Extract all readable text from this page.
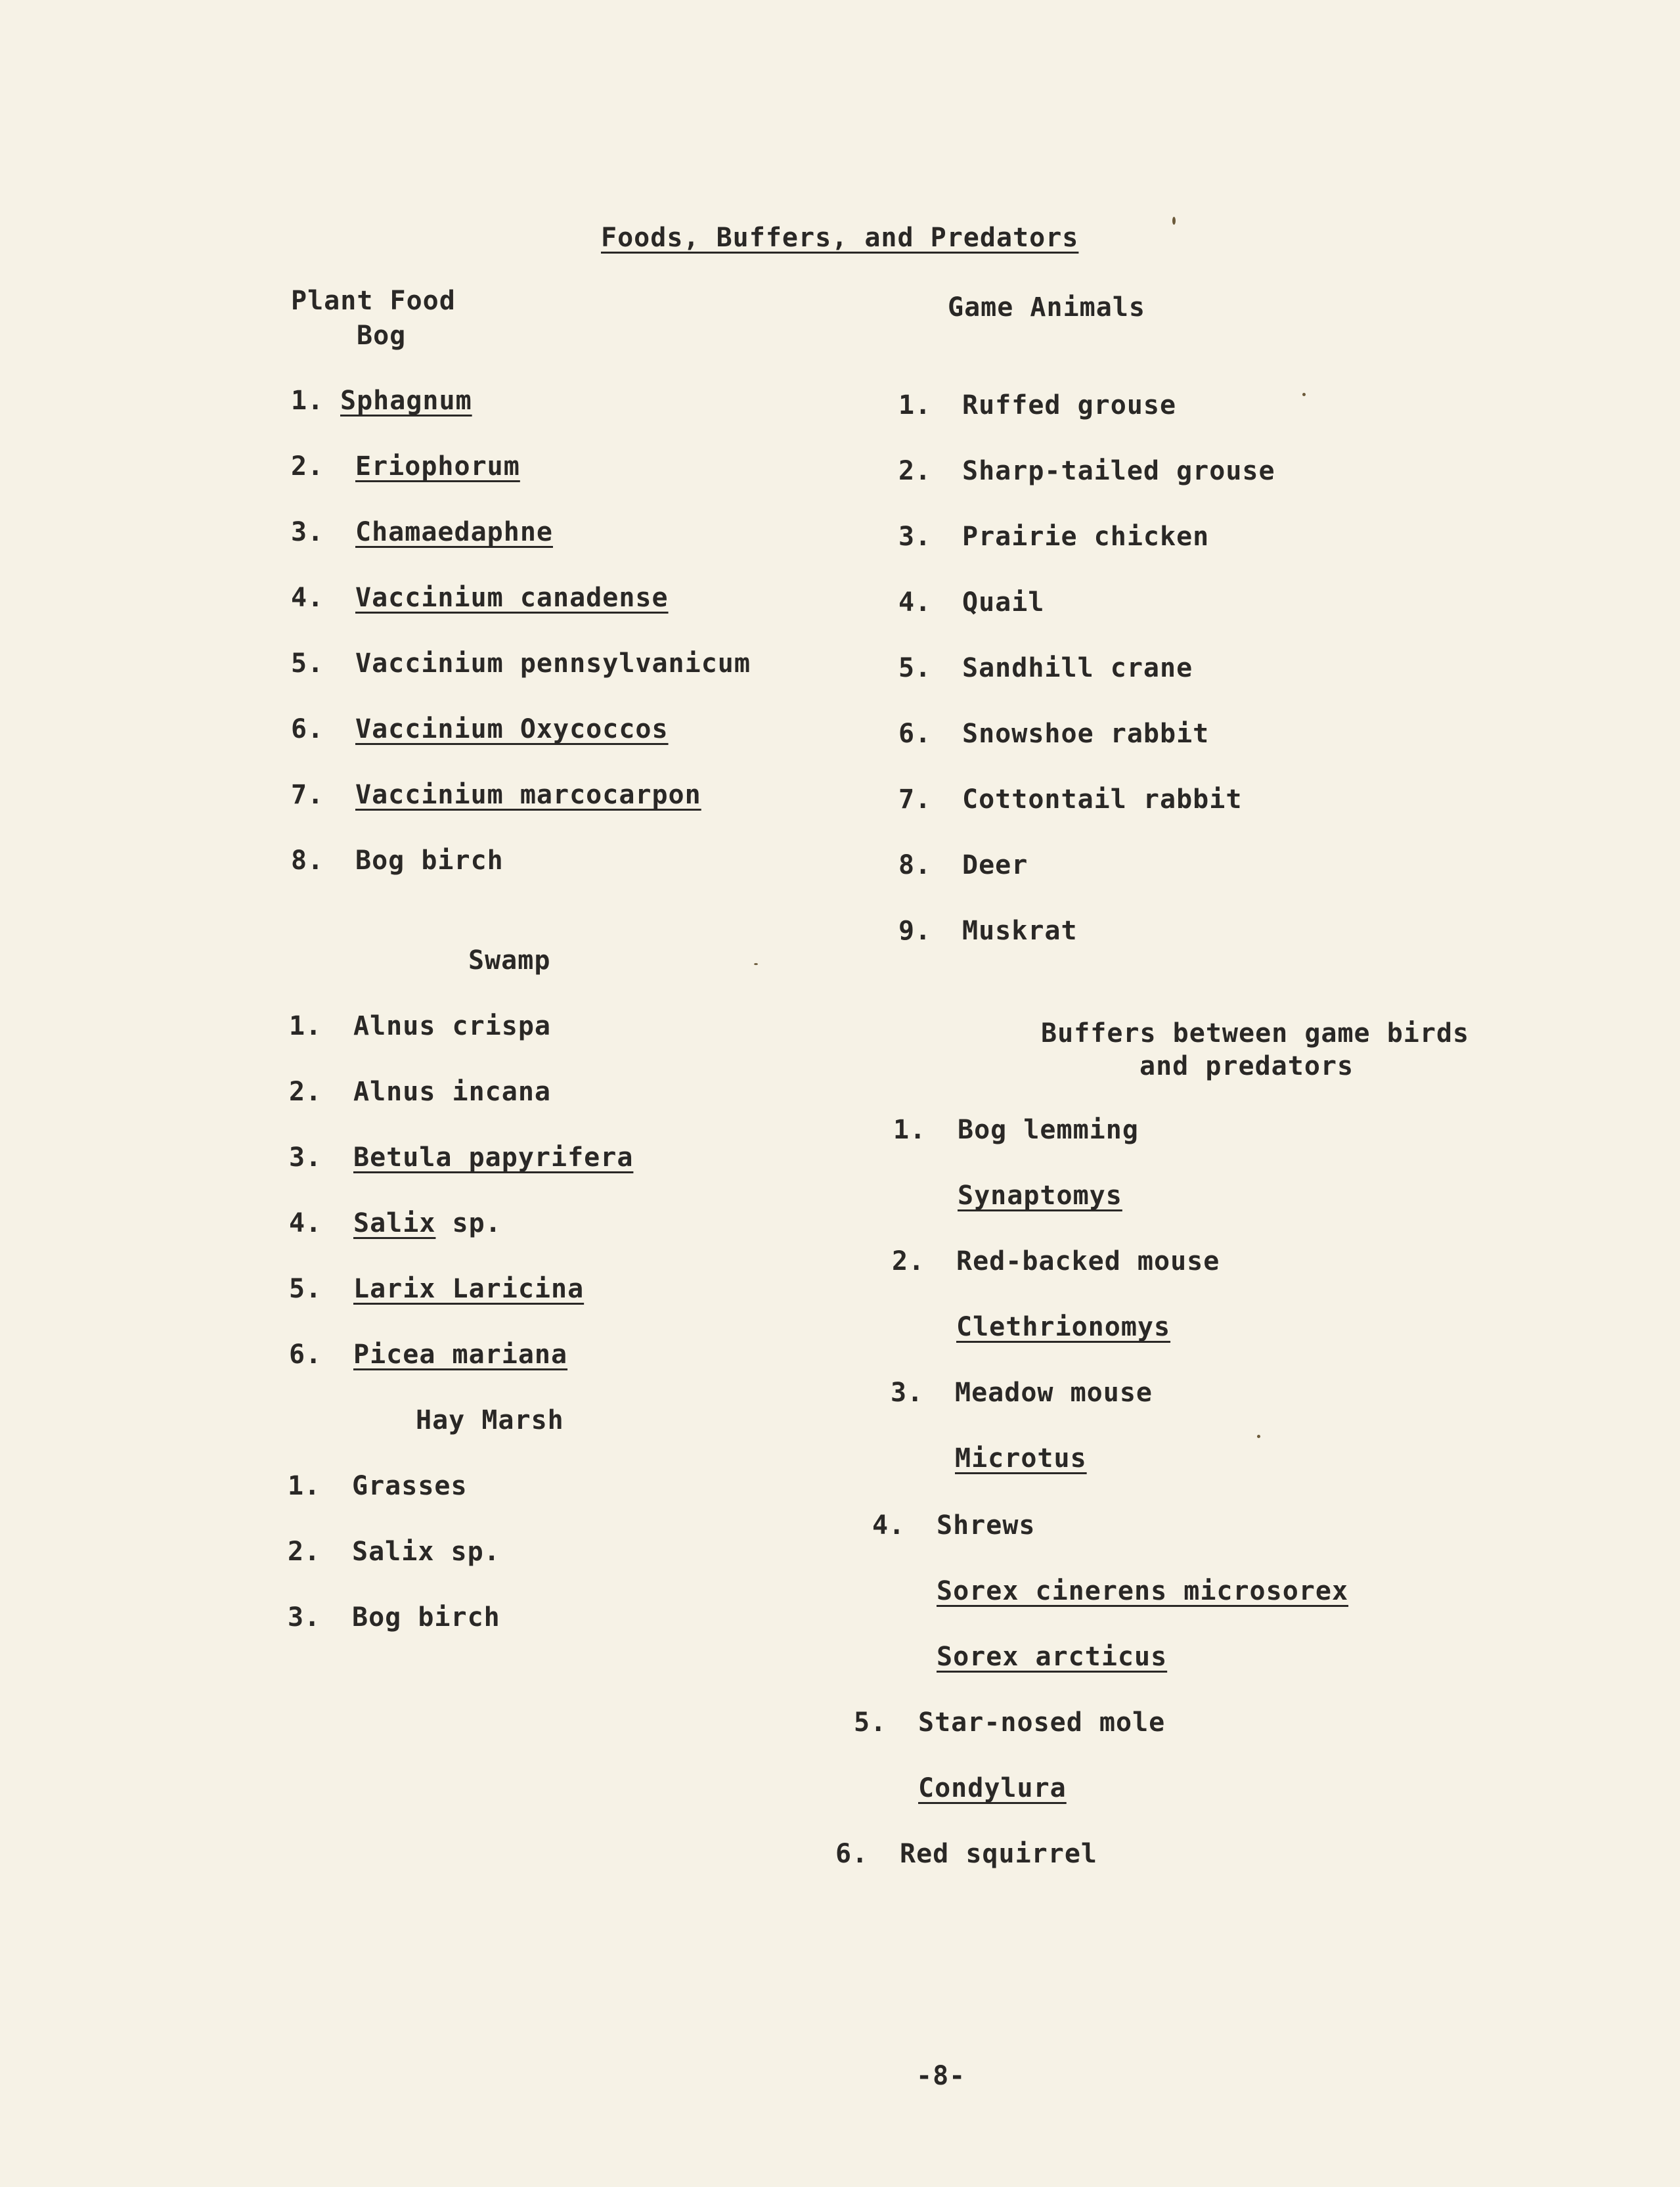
Foods, Buffers, and Predators
Plant Food
Bog
1. Sphagnum
2. Eriophorum
3. Chamaedaphne
4. Vaccinium canadense
5. Vaccinium pennsylvanicum
6. Vaccinium Oxycoccos
7. Vaccinium marcocarpon
8. Bog birch
Swamp
1. Alnus crispa
2. Alnus incana
3. Betula papyrifera
4. Salix sp.
5. Larix Laricina
6. Picea mariana
Hay Marsh
1. Grasses
2. Salix sp.
3. Bog birch
Game Animals
1. Ruffed grouse
2. Sharp-tailed grouse
3. Prairie chicken
4. Quail
5. Sandhill crane
6. Snowshoe rabbit
7. Cottontail rabbit
8. Deer
9. Muskrat
Buffers between game birds
and predators
1. Bog lemming
Synaptomys
2. Red-backed mouse
Clethrionomys
3. Meadow mouse
Microtus
4. Shrews
Sorex cinerens microsorex
Sorex arcticus
5. Star-nosed mole
Condylura
6. Red squirrel
-8-
